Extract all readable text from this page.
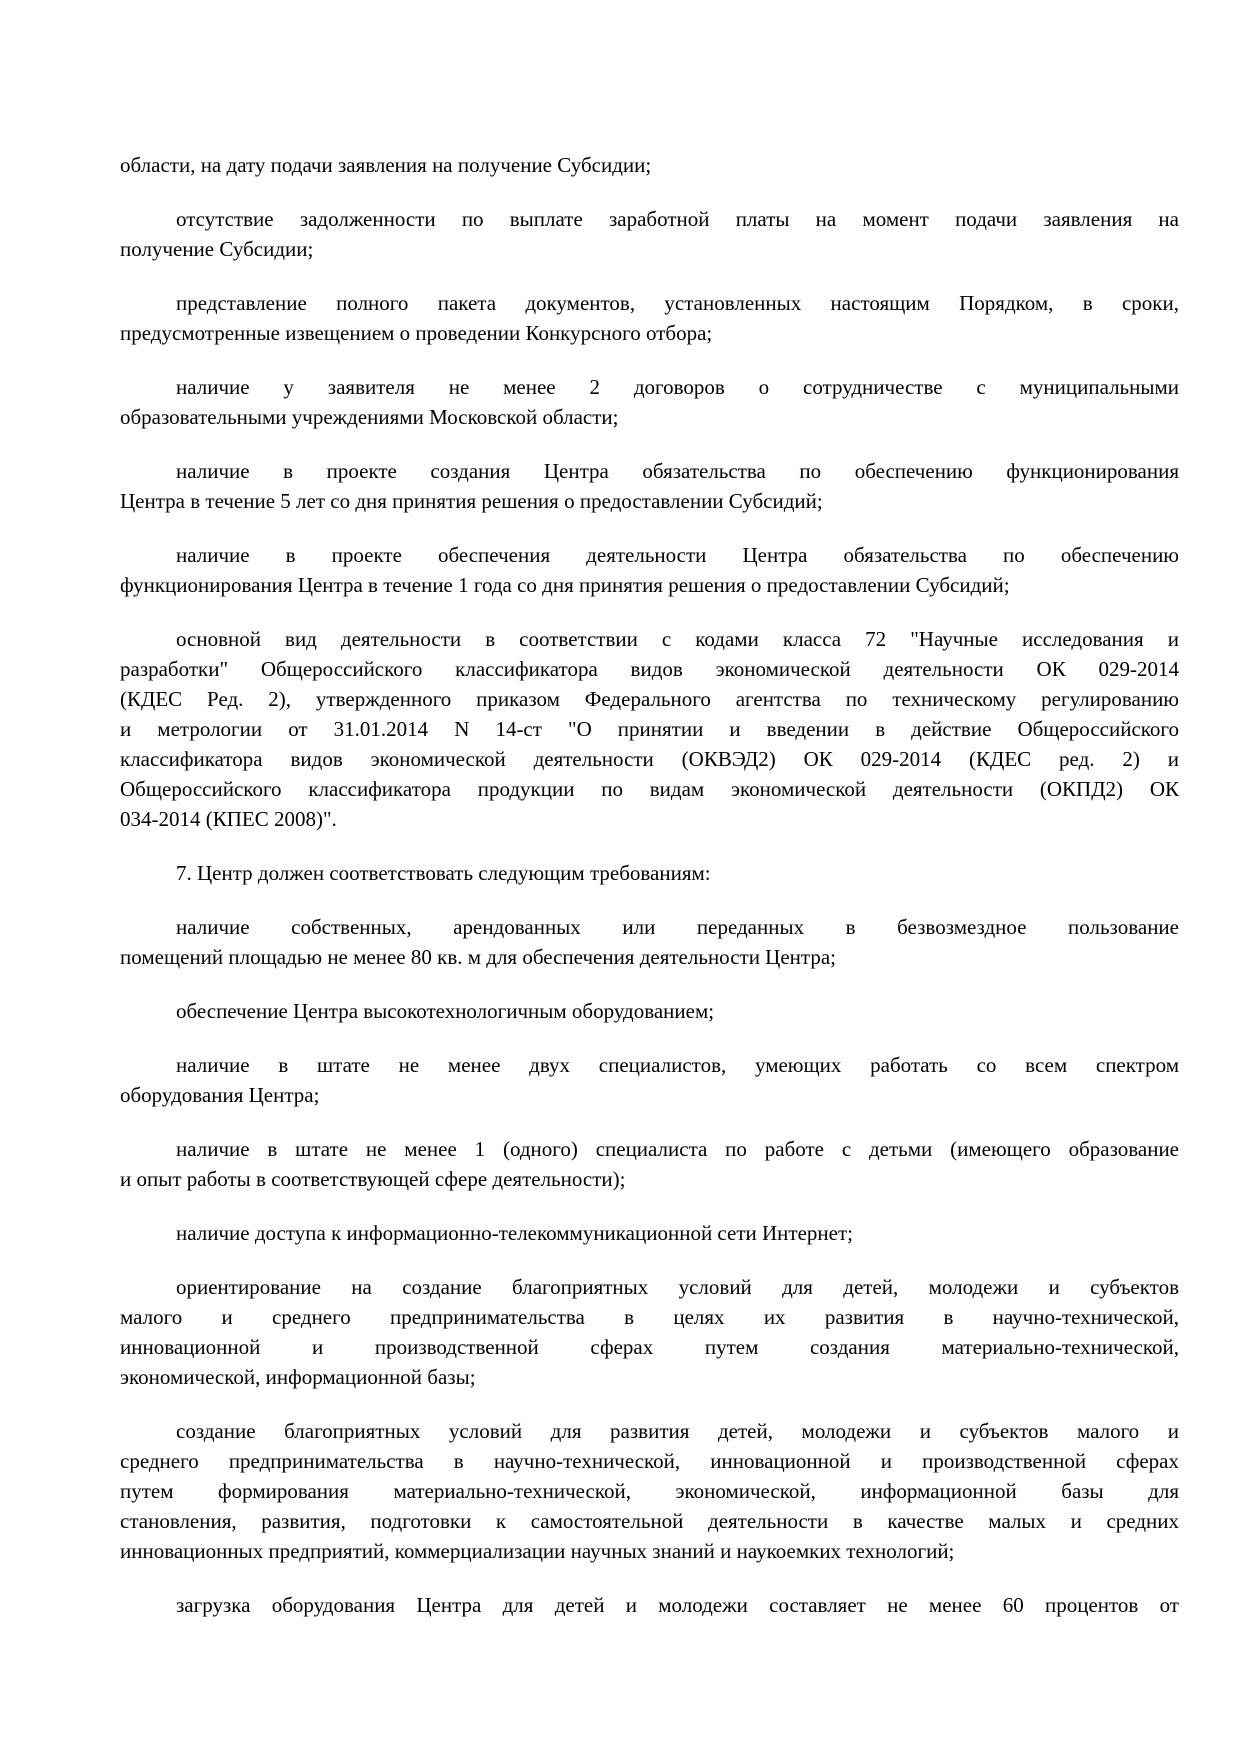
области, на дату подачи заявления на получение Субсидии;
отсутствие задолженности по выплате заработной платы на момент подачи заявления на
получение Субсидии;
представление полного пакета документов, установленных настоящим Порядком, в сроки,
предусмотренные извещением о проведении Конкурсного отбора;
наличие у заявителя не менее 2 договоров о сотрудничестве с муниципальными
образовательными учреждениями Московской области;
наличие в проекте создания Центра обязательства по обеспечению функционирования
Центра в течение 5 лет со дня принятия решения о предоставлении Субсидий;
наличие в проекте обеспечения деятельности Центра обязательства по обеспечению
функционирования Центра в течение 1 года со дня принятия решения о предоставлении Субсидий;
основной вид деятельности в соответствии с кодами класса 72 "Научные исследования и
разработки" Общероссийского классификатора видов экономической деятельности ОК 029-2014
(КДЕС Ред. 2), утвержденного приказом Федерального агентства по техническому регулированию
и метрологии от 31.01.2014 N 14-ст "О принятии и введении в действие Общероссийского
классификатора видов экономической деятельности (ОКВЭД2) ОК 029-2014 (КДЕС ред. 2) и
Общероссийского классификатора продукции по видам экономической деятельности (ОКПД2) ОК
034-2014 (КПЕС 2008)".
7. Центр должен соответствовать следующим требованиям:
наличие собственных, арендованных или переданных в безвозмездное пользование
помещений площадью не менее 80 кв. м для обеспечения деятельности Центра;
обеспечение Центра высокотехнологичным оборудованием;
наличие в штате не менее двух специалистов, умеющих работать со всем спектром
оборудования Центра;
наличие в штате не менее 1 (одного) специалиста по работе с детьми (имеющего образование
и опыт работы в соответствующей сфере деятельности);
наличие доступа к информационно-телекоммуникационной сети Интернет;
ориентирование на создание благоприятных условий для детей, молодежи и субъектов
малого и среднего предпринимательства в целях их развития в научно-технической,
инновационной и производственной сферах путем создания материально-технической,
экономической, информационной базы;
создание благоприятных условий для развития детей, молодежи и субъектов малого и
среднего предпринимательства в научно-технической, инновационной и производственной сферах
путем формирования материально-технической, экономической, информационной базы для
становления, развития, подготовки к самостоятельной деятельности в качестве малых и средних
инновационных предприятий, коммерциализации научных знаний и наукоемких технологий;
загрузка оборудования Центра для детей и молодежи составляет не менее 60 процентов от
